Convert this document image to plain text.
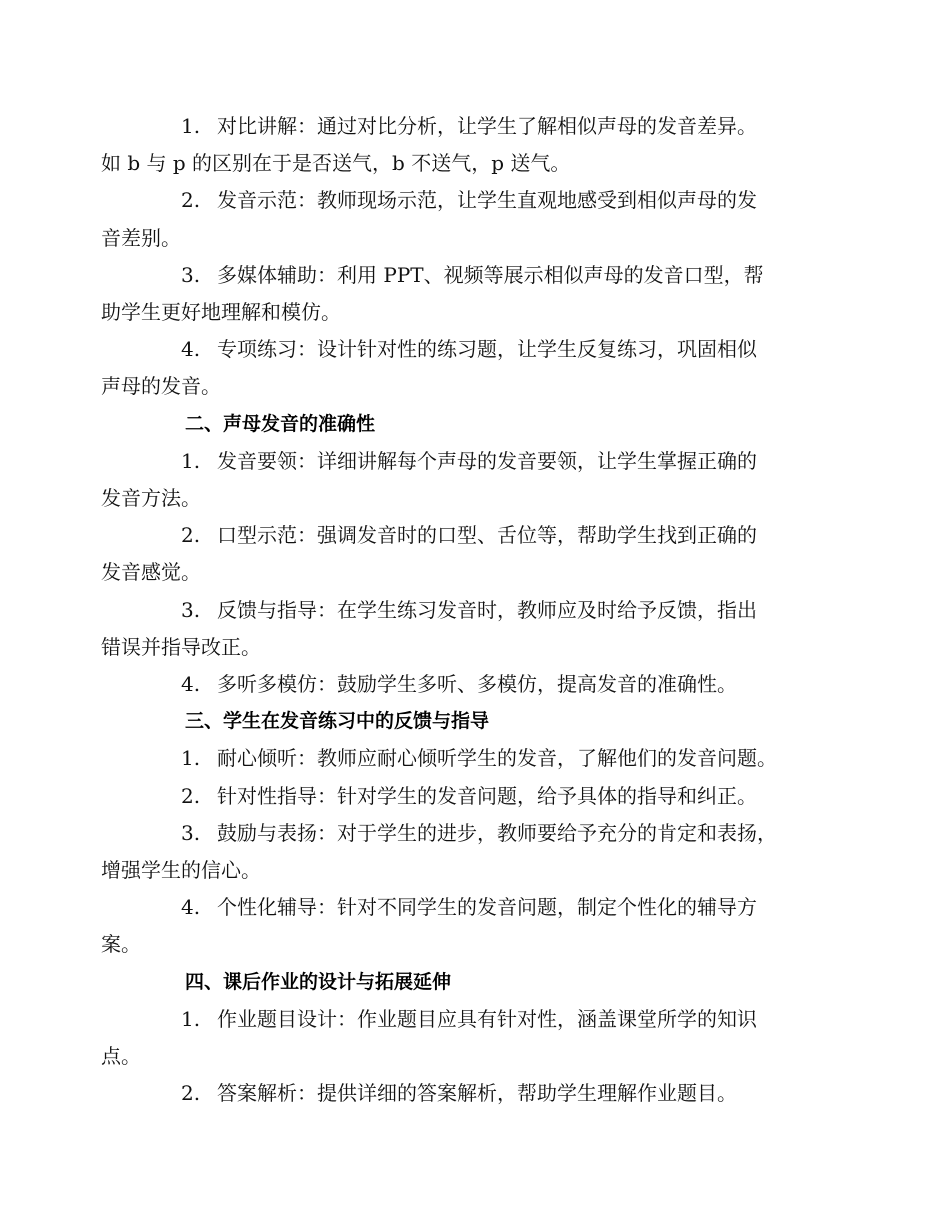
1. 对比讲解：通过对比分析，让学生了解相似声母的发音差异。
如 b 与 p 的区别在于是否送气，b 不送气，p 送气。

2. 发音示范：教师现场示范，让学生直观地感受到相似声母的发
音差别。

3. 多媒体辅助：利用 PPT、视频等展示相似声母的发音口型，帮
助学生更好地理解和模仿。

4. 专项练习：设计针对性的练习题，让学生反复练习，巩固相似
声母的发音。

二、声母发音的准确性

1. 发音要领：详细讲解每个声母的发音要领，让学生掌握正确的
发音方法。

2. 口型示范：强调发音时的口型、舌位等，帮助学生找到正确的
发音感觉。

3. 反馈与指导：在学生练习发音时，教师应及时给予反馈，指出
错误并指导改正。

4. 多听多模仿：鼓励学生多听、多模仿，提高发音的准确性。

三、学生在发音练习中的反馈与指导

1. 耐心倾听：教师应耐心倾听学生的发音，了解他们的发音问题。

2. 针对性指导：针对学生的发音问题，给予具体的指导和纠正。

3. 鼓励与表扬：对于学生的进步，教师要给予充分的肯定和表扬，
增强学生的信心。

4. 个性化辅导：针对不同学生的发音问题，制定个性化的辅导方
案。

四、课后作业的设计与拓展延伸

1. 作业题目设计：作业题目应具有针对性，涵盖课堂所学的知识
点。

2. 答案解析：提供详细的答案解析，帮助学生理解作业题目。
